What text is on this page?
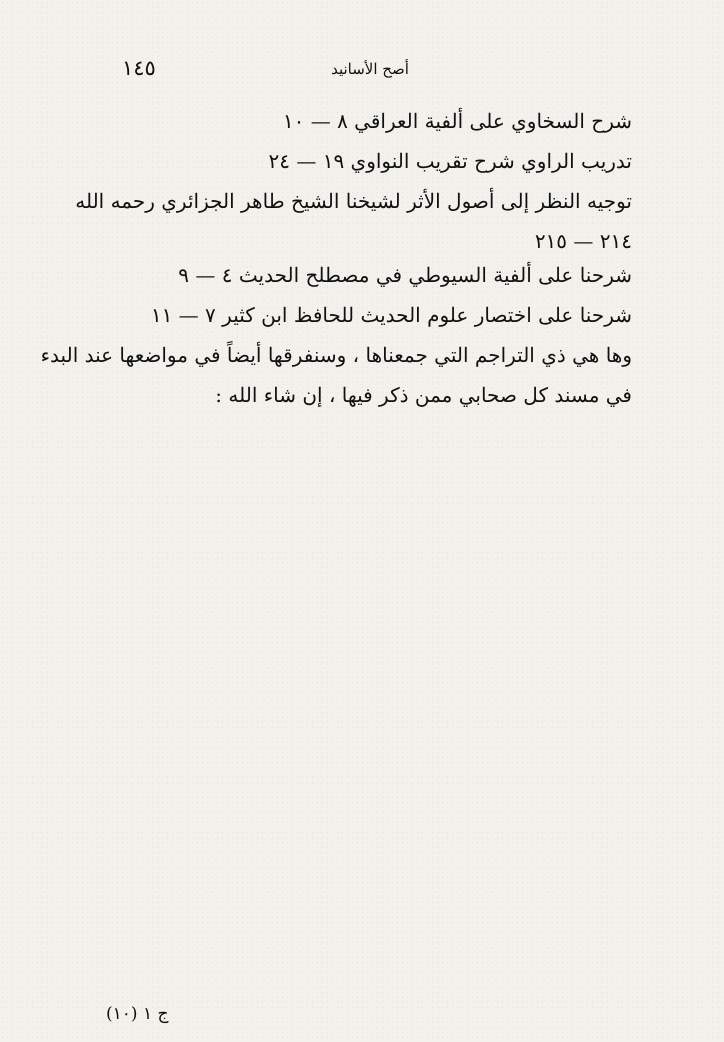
١٤٥	أصح الأسانيد
شرح السخاوي على ألفية العراقي ٨ — ١٠
تدريب الراوي شرح تقريب النواوي ١٩ — ٢٤
توجيه النظر إلى أصول الأثر لشيخنا الشيخ طاهر الجزائري رحمه الله
٢١٤ — ٢١٥
شرحنا على ألفية السيوطي في مصطلح الحديث ٤ — ٩
شرحنا على اختصار علوم الحديث للحافظ ابن كثير ٧ — ١١
وها هي ذي التراجم التي جمعناها ، وسنفرقها أيضاً في مواضعها عند البدء
في مسند كل صحابي ممن ذكر فيها ، إن شاء الله :
ج ١ (١٠)
